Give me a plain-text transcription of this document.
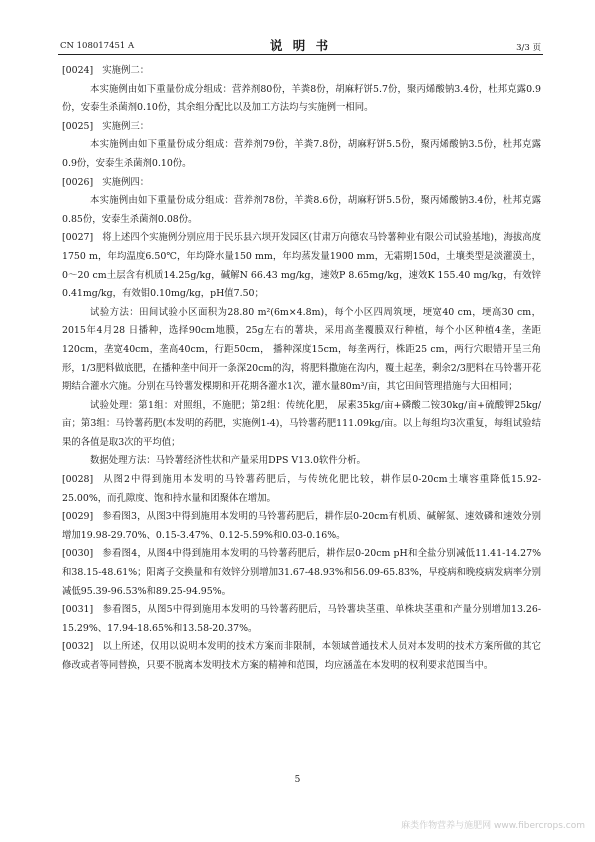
CN 108017451 A	说 明 书	3/3 页

[0024] 实施例二：

本实施例由如下重量份成分组成：营养剂80份，羊粪8份，胡麻籽饼5.7份，聚丙烯酸钠3.4份，杜邦克露0.9份，安泰生杀菌剂0.10份，其余组分配比以及加工方法均与实施例一相同。

[0025] 实施例三：

本实施例由如下重量份成分组成：营养剂79份，羊粪7.8份，胡麻籽饼5.5份，聚丙烯酸钠3.5份，杜邦克露0.9份，安泰生杀菌剂0.10份。

[0026] 实施例四：

本实施例由如下重量份成分组成：营养剂78份，羊粪8.6份，胡麻籽饼5.5份，聚丙烯酸钠3.4份，杜邦克露 0.85份，安泰生杀菌剂0.08份。

[0027] 将上述四个实施例分别应用于民乐县六坝开发园区(甘肃万向德农马铃薯种业有限公司试验基地)，海拔高度1750 m，年均温度6.50℃，年均降水量150 mm，年均蒸发量1900 mm，无霜期150d，土壤类型是淡灌漠土，0～20 cm土层含有机质14.25g/kg，碱解N 66.43 mg/kg，速效P 8.65mg/kg，速效K 155.40 mg/kg，有效锌0.41mg/kg，有效钼0.10mg/kg，pH值7.50；

试验方法：田间试验小区面积为28.80 m²(6m×4.8m)，每个小区四周筑埂，埂宽40 cm，埂高30 cm，2015年4月28 日播种，选择90cm地膜，25g左右的薯块，采用高垄覆膜双行种植，每个小区种植4垄，垄距120cm，垄宽40cm，垄高40cm，行距50cm， 播种深度15cm，每垄两行，株距25 cm，两行穴眼错开呈三角形，1/3肥料做底肥，在播种垄中间开一条深20cm的沟，将肥料撒施在沟内，覆土起垄，剩余2/3肥料在马铃薯开花期结合灌水穴施。分别在马铃薯发棵期和开花期各灌水1次，灌水量80m³/亩，其它田间管理措施与大田相同；

试验处理：第1组：对照组，不施肥；第2组：传统化肥， 尿素35kg/亩+磷酸二铵30kg/亩+硫酸钾25kg/亩；第3组：马铃薯药肥(本发明的药肥，实施例1-4)，马铃薯药肥111.09kg/亩。以上每组均3次重复，每组试验结果的各值是取3次的平均值；

数据处理方法：马铃薯经济性状和产量采用DPS V13.0软件分析。

[0028] 从图2中得到施用本发明的马铃薯药肥后，与传统化肥比较，耕作层0-20cm土壤容重降低15.92-25.00%，而孔隙度、饱和持水量和团聚体在增加。

[0029] 参看图3，从图3中得到施用本发明的马铃薯药肥后，耕作层0-20cm有机质、碱解氮、速效磷和速效分别增加19.98-29.70%、0.15-3.47%、0.12-5.59%和0.03-0.16%。

[0030] 参看图4，从图4中得到施用本发明的马铃薯药肥后，耕作层0-20cm pH和全盐分别减低11.41-14.27%和38.15-48.61%；阳离子交换量和有效锌分别增加31.67-48.93%和56.09-65.83%，早疫病和晚疫病发病率分别减低95.39-96.53%和89.25-94.95%。

[0031] 参看图5，从图5中得到施用本发明的马铃薯药肥后，马铃薯块茎重、单株块茎重和产量分别增加13.26-15.29%、17.94-18.65%和13.58-20.37%。

[0032] 以上所述，仅用以说明本发明的技术方案而非限制，本领域普通技术人员对本发明的技术方案所做的其它修改或者等同替换，只要不脱离本发明技术方案的精神和范围，均应涵盖在本发明的权利要求范围当中。

5
麻类作物营养与施肥网 www.fibercrops.com
